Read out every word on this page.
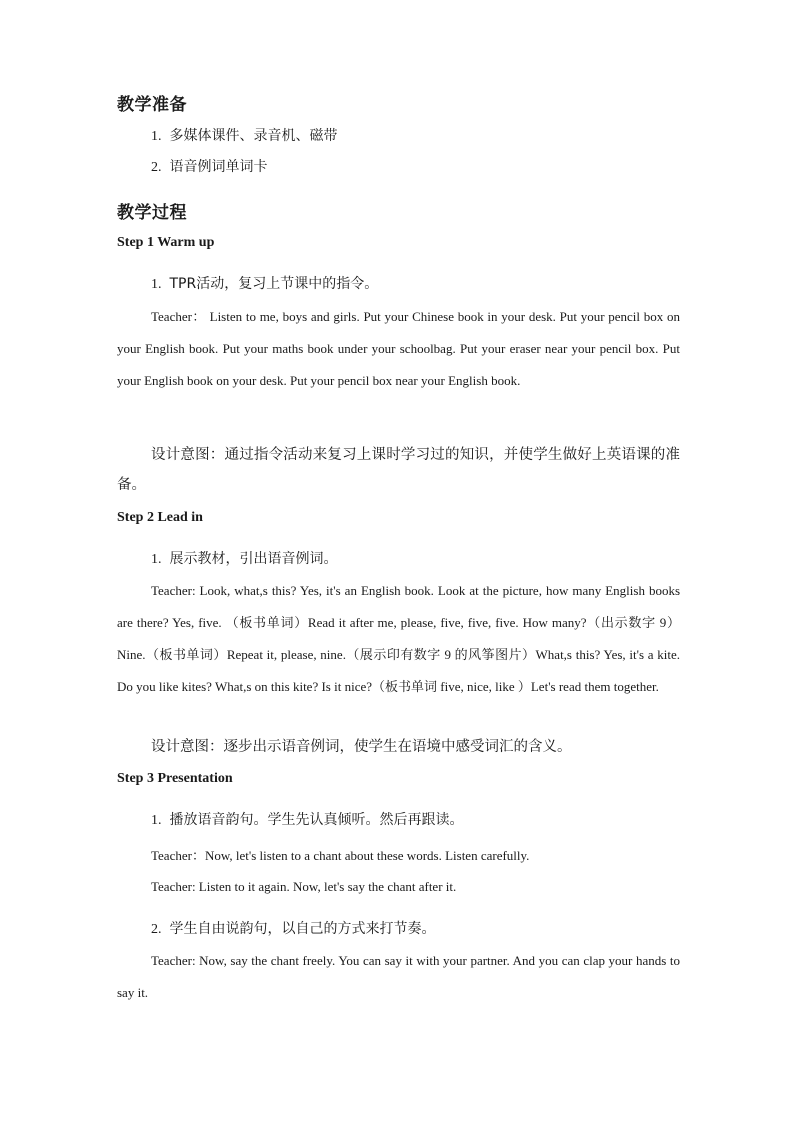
教学准备
1. 多媒体课件、录音机、磁带
2. 语音例词单词卡
教学过程
Step 1 Warm up
1. TPR活动，复习上节课中的指令。

Teacher： Listen to me, boys and girls. Put your Chinese book in your desk. Put your pencil box on your English book. Put your maths book under your schoolbag. Put your eraser near your pencil box. Put your English book on your desk. Put your pencil box near your English book.

设计意图：通过指令活动来复习上课时学习过的知识，并使学生做好上英语课的准备。

Step 2 Lead in
1. 展示教材，引出语音例词。

Teacher: Look, what,s this? Yes, it's an English book. Look at the picture, how many English books are there? Yes, five. （板书单词）Read it after me, please, five, five, five. How many?（出示数字 9）Nine.（板书单词）Repeat it, please, nine.（展示印有数字 9 的风筝图片）What,s this? Yes, it's a kite. Do you like kites? What,s on this kite? Is it nice?（板书单词 five, nice, like ）Let's read them together.

设计意图：逐步出示语音例词，使学生在语境中感受词汇的含义。

Step 3 Presentation
1. 播放语音韵句。学生先认真倾听。然后再跟读。
Teacher：Now, let's listen to a chant about these words. Listen carefully.
Teacher: Listen to it again. Now, let's say the chant after it.
2. 学生自由说韵句，以自己的方式来打节奏。

Teacher: Now, say the chant freely. You can say it with your partner. And you can clap your hands to say it.
